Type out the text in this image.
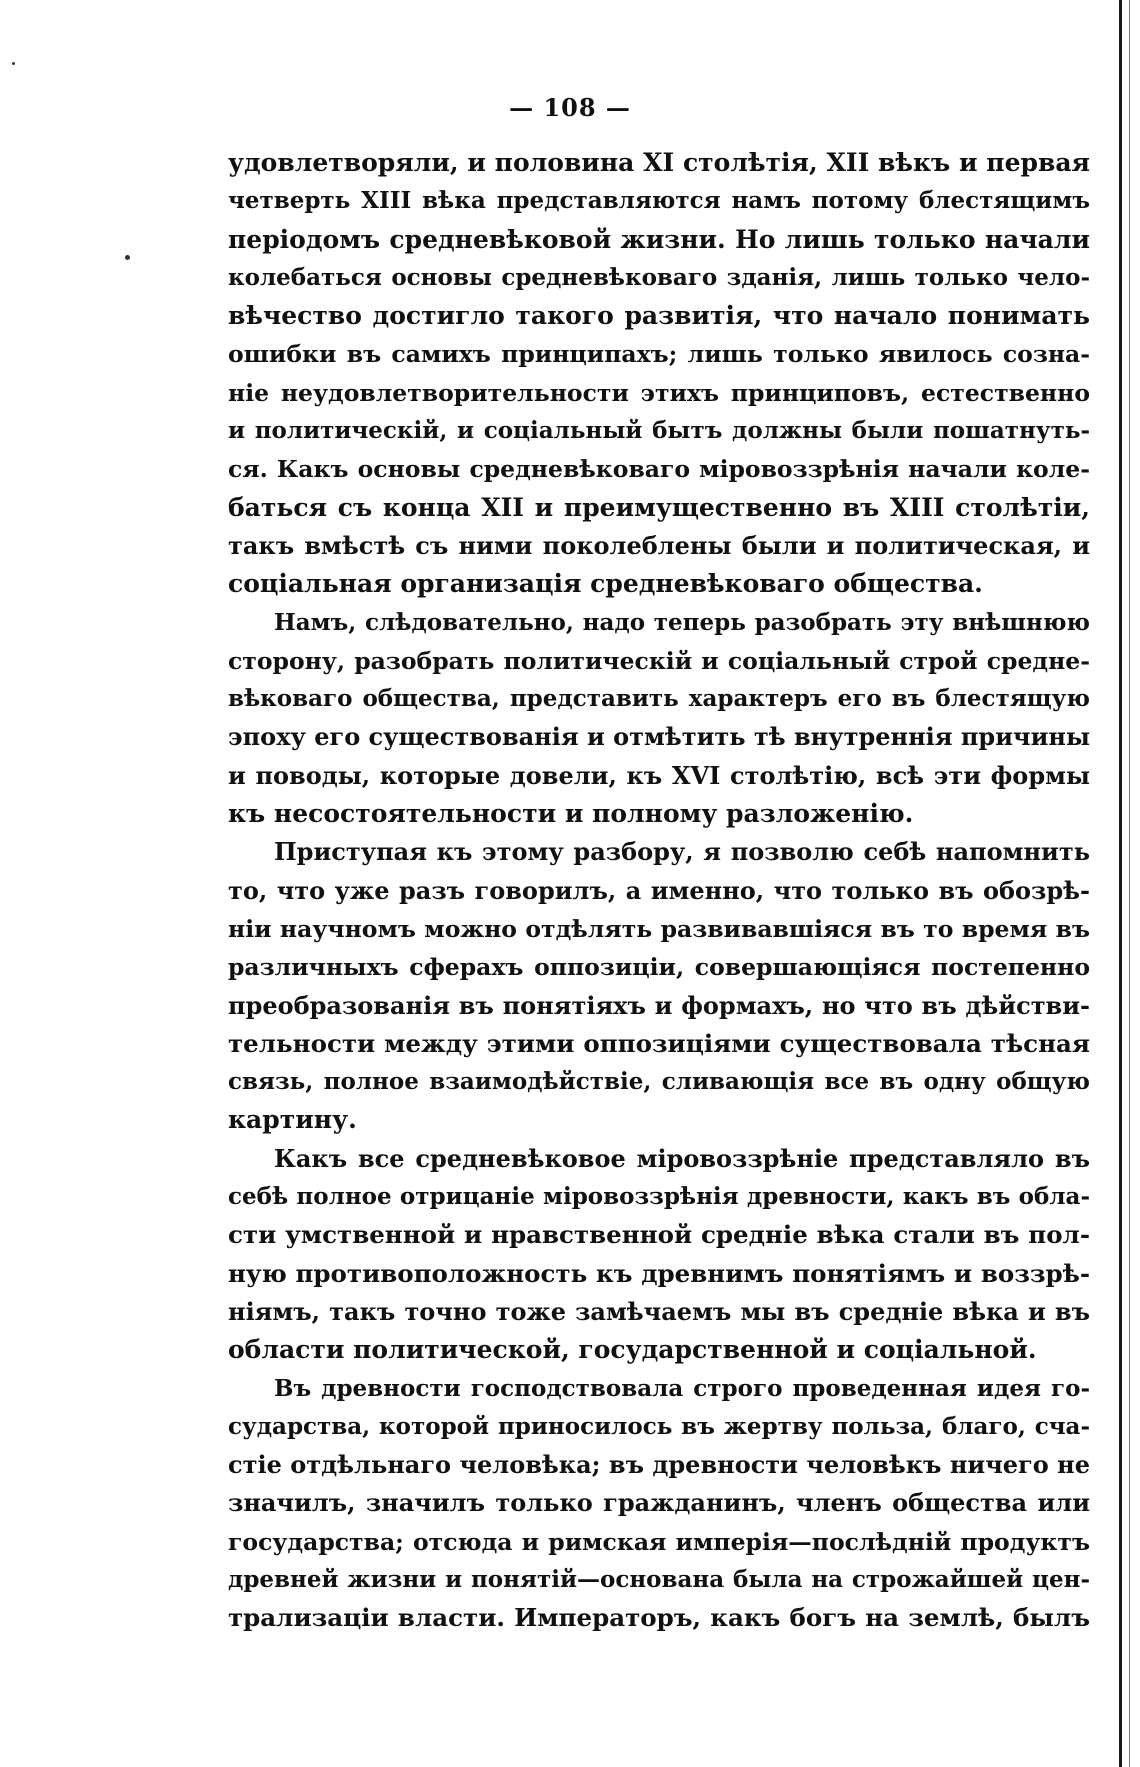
— 108 —
удовлетворяли, и половина XI столѣтія, XII вѣкъ и первая
четверть XIII вѣка представляются намъ потому блестящимъ
періодомъ средневѣковой жизни. Но лишь только начали
колебаться основы средневѣковаго зданія, лишь только чело-
вѣчество достигло такого развитія, что начало понимать
ошибки въ самихъ принципахъ; лишь только явилось созна-
ніе неудовлетворительности этихъ принциповъ, естественно
и политическій, и соціальный бытъ должны были пошатнуть-
ся. Какъ основы средневѣковаго міровоззрѣнія начали коле-
баться съ конца XII и преимущественно въ XIII столѣтіи,
такъ вмѣстѣ съ ними поколеблены были и политическая, и
соціальная организація средневѣковаго общества.
Намъ, слѣдовательно, надо теперь разобрать эту внѣшнюю
сторону, разобрать политическій и соціальный строй средне-
вѣковаго общества, представить характеръ его въ блестящую
эпоху его существованія и отмѣтить тѣ внутреннія причины
и поводы, которые довели, къ XVI столѣтію, всѣ эти формы
къ несостоятельности и полному разложенію.
Приступая къ этому разбору, я позволю себѣ напомнить
то, что уже разъ говорилъ, а именно, что только въ обозрѣ-
ніи научномъ можно отдѣлять развивавшіяся въ то время въ
различныхъ сферахъ оппозиціи, совершающіяся постепенно
преобразованія въ понятіяхъ и формахъ, но что въ дѣйстви-
тельности между этими оппозиціями существовала тѣсная
связь, полное взаимодѣйствіе, сливающія все въ одну общую
картину.
Какъ все средневѣковое міровоззрѣніе представляло въ
себѣ полное отрицаніе міровоззрѣнія древности, какъ въ обла-
сти умственной и нравственной средніе вѣка стали въ пол-
ную противоположность къ древнимъ понятіямъ и воззрѣ-
ніямъ, такъ точно тоже замѣчаемъ мы въ средніе вѣка и въ
области политической, государственной и соціальной.
Въ древности господствовала строго проведенная идея го-
сударства, которой приносилось въ жертву польза, благо, сча-
стіе отдѣльнаго человѣка; въ древности человѣкъ ничего не
значилъ, значилъ только гражданинъ, членъ общества или
государства; отсюда и римская имперія—послѣдній продуктъ
древней жизни и понятій—основана была на строжайшей цен-
трализаціи власти. Императоръ, какъ богъ на землѣ, былъ
